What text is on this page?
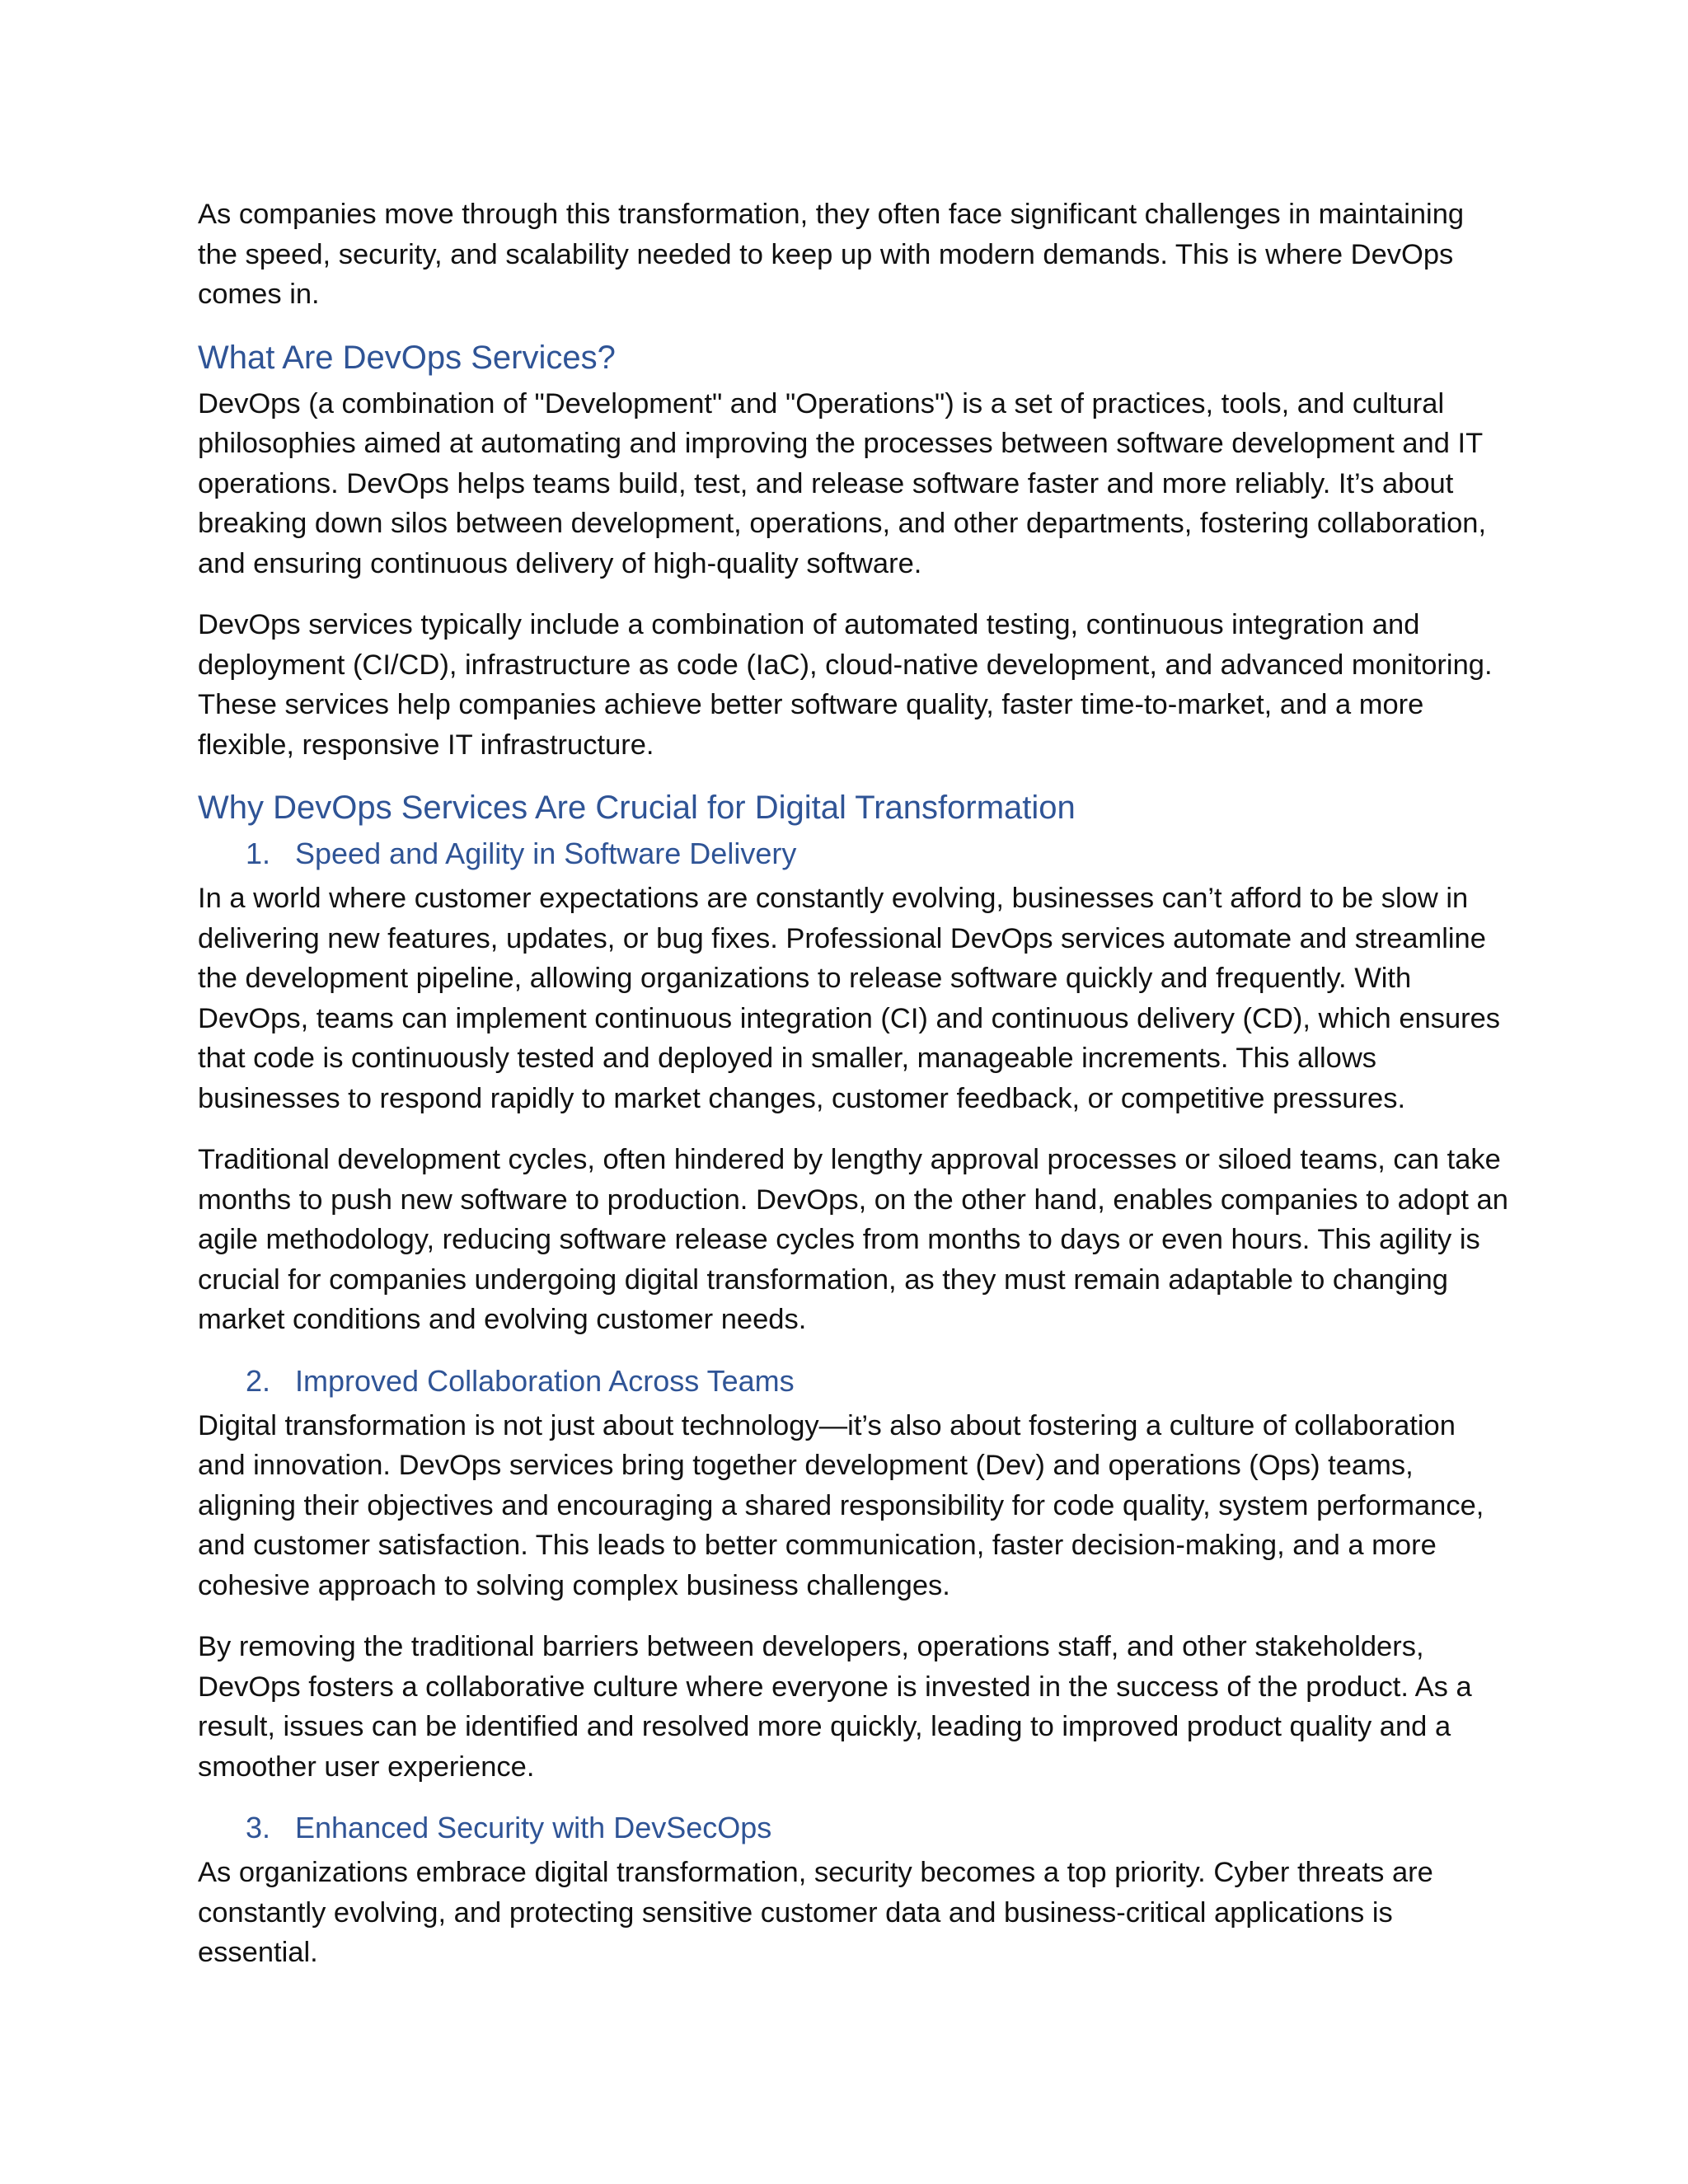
As companies move through this transformation, they often face significant challenges in maintaining the speed, security, and scalability needed to keep up with modern demands. This is where DevOps comes in.

What Are DevOps Services?

DevOps (a combination of "Development" and "Operations") is a set of practices, tools, and cultural philosophies aimed at automating and improving the processes between software development and IT operations. DevOps helps teams build, test, and release software faster and more reliably. It’s about breaking down silos between development, operations, and other departments, fostering collaboration, and ensuring continuous delivery of high-quality software.

DevOps services typically include a combination of automated testing, continuous integration and deployment (CI/CD), infrastructure as code (IaC), cloud-native development, and advanced monitoring. These services help companies achieve better software quality, faster time-to-market, and a more flexible, responsive IT infrastructure.

Why DevOps Services Are Crucial for Digital Transformation
1. Speed and Agility in Software Delivery

In a world where customer expectations are constantly evolving, businesses can’t afford to be slow in delivering new features, updates, or bug fixes. Professional DevOps services automate and streamline the development pipeline, allowing organizations to release software quickly and frequently. With DevOps, teams can implement continuous integration (CI) and continuous delivery (CD), which ensures that code is continuously tested and deployed in smaller, manageable increments. This allows businesses to respond rapidly to market changes, customer feedback, or competitive pressures.

Traditional development cycles, often hindered by lengthy approval processes or siloed teams, can take months to push new software to production. DevOps, on the other hand, enables companies to adopt an agile methodology, reducing software release cycles from months to days or even hours. This agility is crucial for companies undergoing digital transformation, as they must remain adaptable to changing market conditions and evolving customer needs.

2. Improved Collaboration Across Teams

Digital transformation is not just about technology—it’s also about fostering a culture of collaboration and innovation. DevOps services bring together development (Dev) and operations (Ops) teams, aligning their objectives and encouraging a shared responsibility for code quality, system performance, and customer satisfaction. This leads to better communication, faster decision-making, and a more cohesive approach to solving complex business challenges.

By removing the traditional barriers between developers, operations staff, and other stakeholders, DevOps fosters a collaborative culture where everyone is invested in the success of the product. As a result, issues can be identified and resolved more quickly, leading to improved product quality and a smoother user experience.

3. Enhanced Security with DevSecOps

As organizations embrace digital transformation, security becomes a top priority. Cyber threats are constantly evolving, and protecting sensitive customer data and business-critical applications is essential.
